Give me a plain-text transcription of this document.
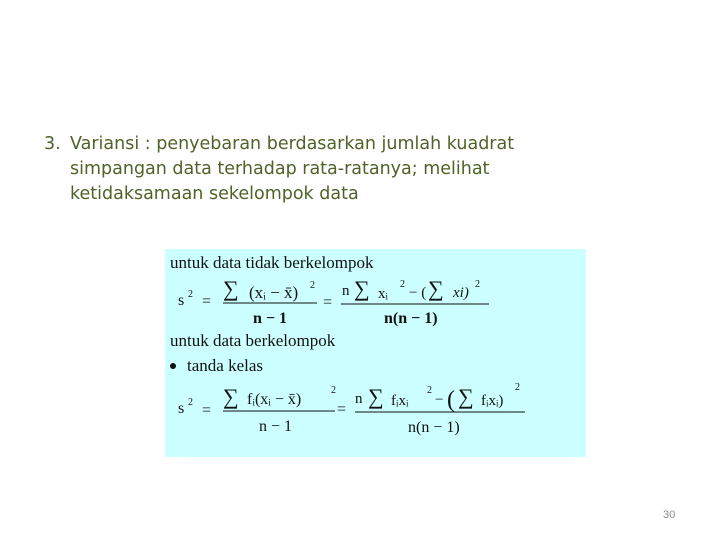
3. Variansi : penyebaran berdasarkan jumlah kuadrat
simpangan data terhadap rata-ratanya; melihat
ketidaksamaan sekelompok data
untuk data tidak berkelompok
s 2 =
∑ (xᵢ − x̄) 2
n − 1
=
n ∑ xᵢ
2
− ( ∑ xi)
2
n(n − 1)
untuk data berkelompok
tanda kelas
s 2 =
∑ fᵢ(xᵢ − x̄)
2
n − 1
=
n ∑ fᵢxᵢ
2
− ( ∑ fᵢxᵢ)
2
n(n − 1)
30
